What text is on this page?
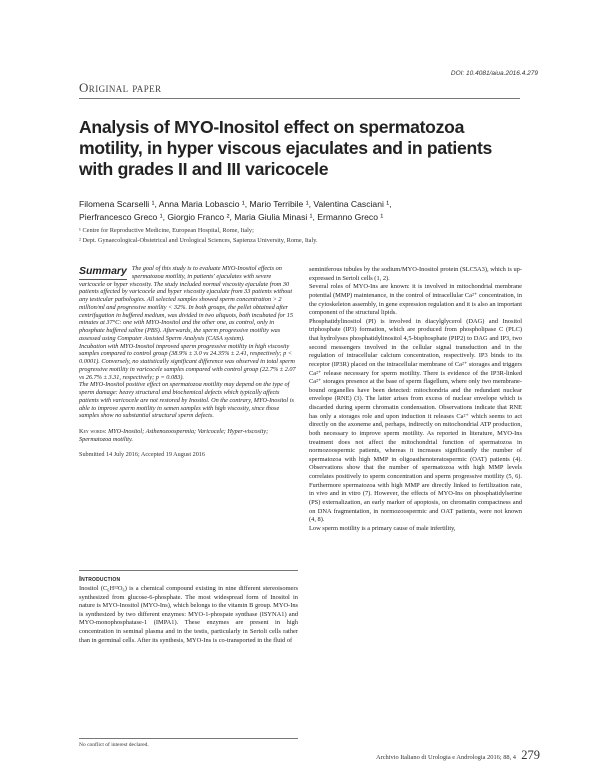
DOI: 10.4081/aiua.2016.4.279
Original paper
Analysis of MYO-Inositol effect on spermatozoa motility, in hyper viscous ejaculates and in patients with grades II and III varicocele
Filomena Scarselli ¹, Anna Maria Lobascio ¹, Mario Terribile ¹, Valentina Casciani ¹,
Pierfrancesco Greco ¹, Giorgio Franco ², Maria Giulia Minasi ¹, Ermanno Greco ¹
¹ Centre for Reproductive Medicine, European Hospital, Rome, Italy;
² Dept. Gynaecological-Obstetrical and Urological Sciences, Sapienza University, Rome, Italy.
Summary The goal of this study is to evaluate MYO-Inositol effects on spermatozoa motility, in patients' ejaculates with severe varicocele or hyper viscosity. The study included normal viscosity ejaculate from 30 patients affected by varicocele and hyper viscosity ejaculate from 33 patients without any testicular pathologies. All selected samples showed sperm concentration > 2 million/ml and progressive motility < 32%. In both groups, the pellet obtained after centrifugation in buffered medium, was divided in two aliquots, both incubated for 15 minutes at 37°C: one with MYO-Inositol and the other one, as control, only in phosphate buffered saline (PBS). Afterwards, the sperm progressive motility was assessed using Computer Assisted Sperm Analysis (CASA system).

Incubation with MYO-Inositol improved sperm progressive motility in high viscosity samples compared to control group (38.9% ± 3.0 vs 24.35% ± 2.41, respectively; p < 0.0001). Conversely, no statistically significant difference was observed in total sperm progressive motility in varicocele samples compared with control group (22.7% ± 2.07 vs 26.7% ± 3.31, respectively; p = 0.083).

The MYO-Inositol positive effect on spermatozoa motility may depend on the type of sperm damage: heavy structural and biochemical defects which typically affects patients with varicocele are not restored by Inositol. On the contrary, MYO-Inositol is able to improve sperm motility in semen samples with high viscosity, since those samples show no substantial structural sperm defects.

Key words: MYO-Inositol; Asthenozoospermia; Varicocele; Hyper-viscosity; Spermatozoa motility.
Submitted 14 July 2016; Accepted 19 August 2016
Introduction

Inositol (C₆H¹²O₆) is a chemical compound existing in nine different stereoisomers synthesized from glucose-6-phosphate. The most widespread form of Inositol in nature is MYO-Inositol (MYO-Ins), which belongs to the vitamin B group. MYO-Ins is synthesized by two different enzymes: MYO-1-phospate synthase (ISYNA1) and MYO-monophosphatase-1 (IMPA1). These enzymes are present in high concentration in seminal plasma and in the testis, particularly in Sertoli cells rather than in germinal cells. After its synthesis, MYO-Ins is co-transported in the fluid of

seminiferous tubules by the sodium/MYO-Inositol protein (SLC5A3), which is up-expressed in Sertoli cells (1, 2).

Several roles of MYO-Ins are known: it is involved in mitochondrial membrane potential (MMP) maintenance, in the control of intracellular Ca²⁺ concentration, in the cytoskeleton assembly, in gene expression regulation and it is also an important component of the structural lipids.

Phosphatidylinositol (PI) is involved in diacylglycerol (DAG) and Inositol triphosphate (IP3) formation, which are produced from phospholipase C (PLC) that hydrolyses phosphatidylinositol 4,5-bisphosphate (PIP2) to DAG and IP3, two second messengers involved in the cellular signal transduction and in the regulation of intracellular calcium concentration, respectively. IP3 binds to its receptor (IP3R) placed on the intracellular membrane of Ca²⁺ storages and triggers Ca²⁺ release necessary for sperm motility. There is evidence of the IP3R-linked Ca²⁺ storages presence at the base of sperm flagellum, where only two membrane-bound organelles have been detected: mitochondria and the redundant nuclear envelope (RNE) (3). The latter arises from excess of nuclear envelope which is discarded during sperm chromatin condensation. Observations indicate that RNE has only a storages role and upon induction it releases Ca²⁺ which seems to act directly on the axoneme and, perhaps, indirectly on mitochondrial ATP production, both necessary to improve sperm motility. As reported in literature, MYO-Ins treatment does not affect the mitochondrial function of spermatozoa in normozoospermic patients, whereas it increases significantly the number of spermatozoa with high MMP in oligoasthenoteratospermic (OAT) patients (4). Observations show that the number of spermatozoa with high MMP levels correlates positively to sperm concentration and sperm progressive motility (5, 6). Furthermore spermatozoa with high MMP are directly linked to fertilization rate, in vivo and in vitro (7). However, the effects of MYO-Ins on phosphatidylserine (PS) externalization, an early marker of apoptosis, on chromatin compactness and on DNA fragmentation, in normozoospermic and OAT patients, were not known (4, 8).

Low sperm motility is a primary cause of male infertility,

No conflict of interest declared.
Archivio Italiano di Urologia e Andrologia 2016; 88, 4 279
